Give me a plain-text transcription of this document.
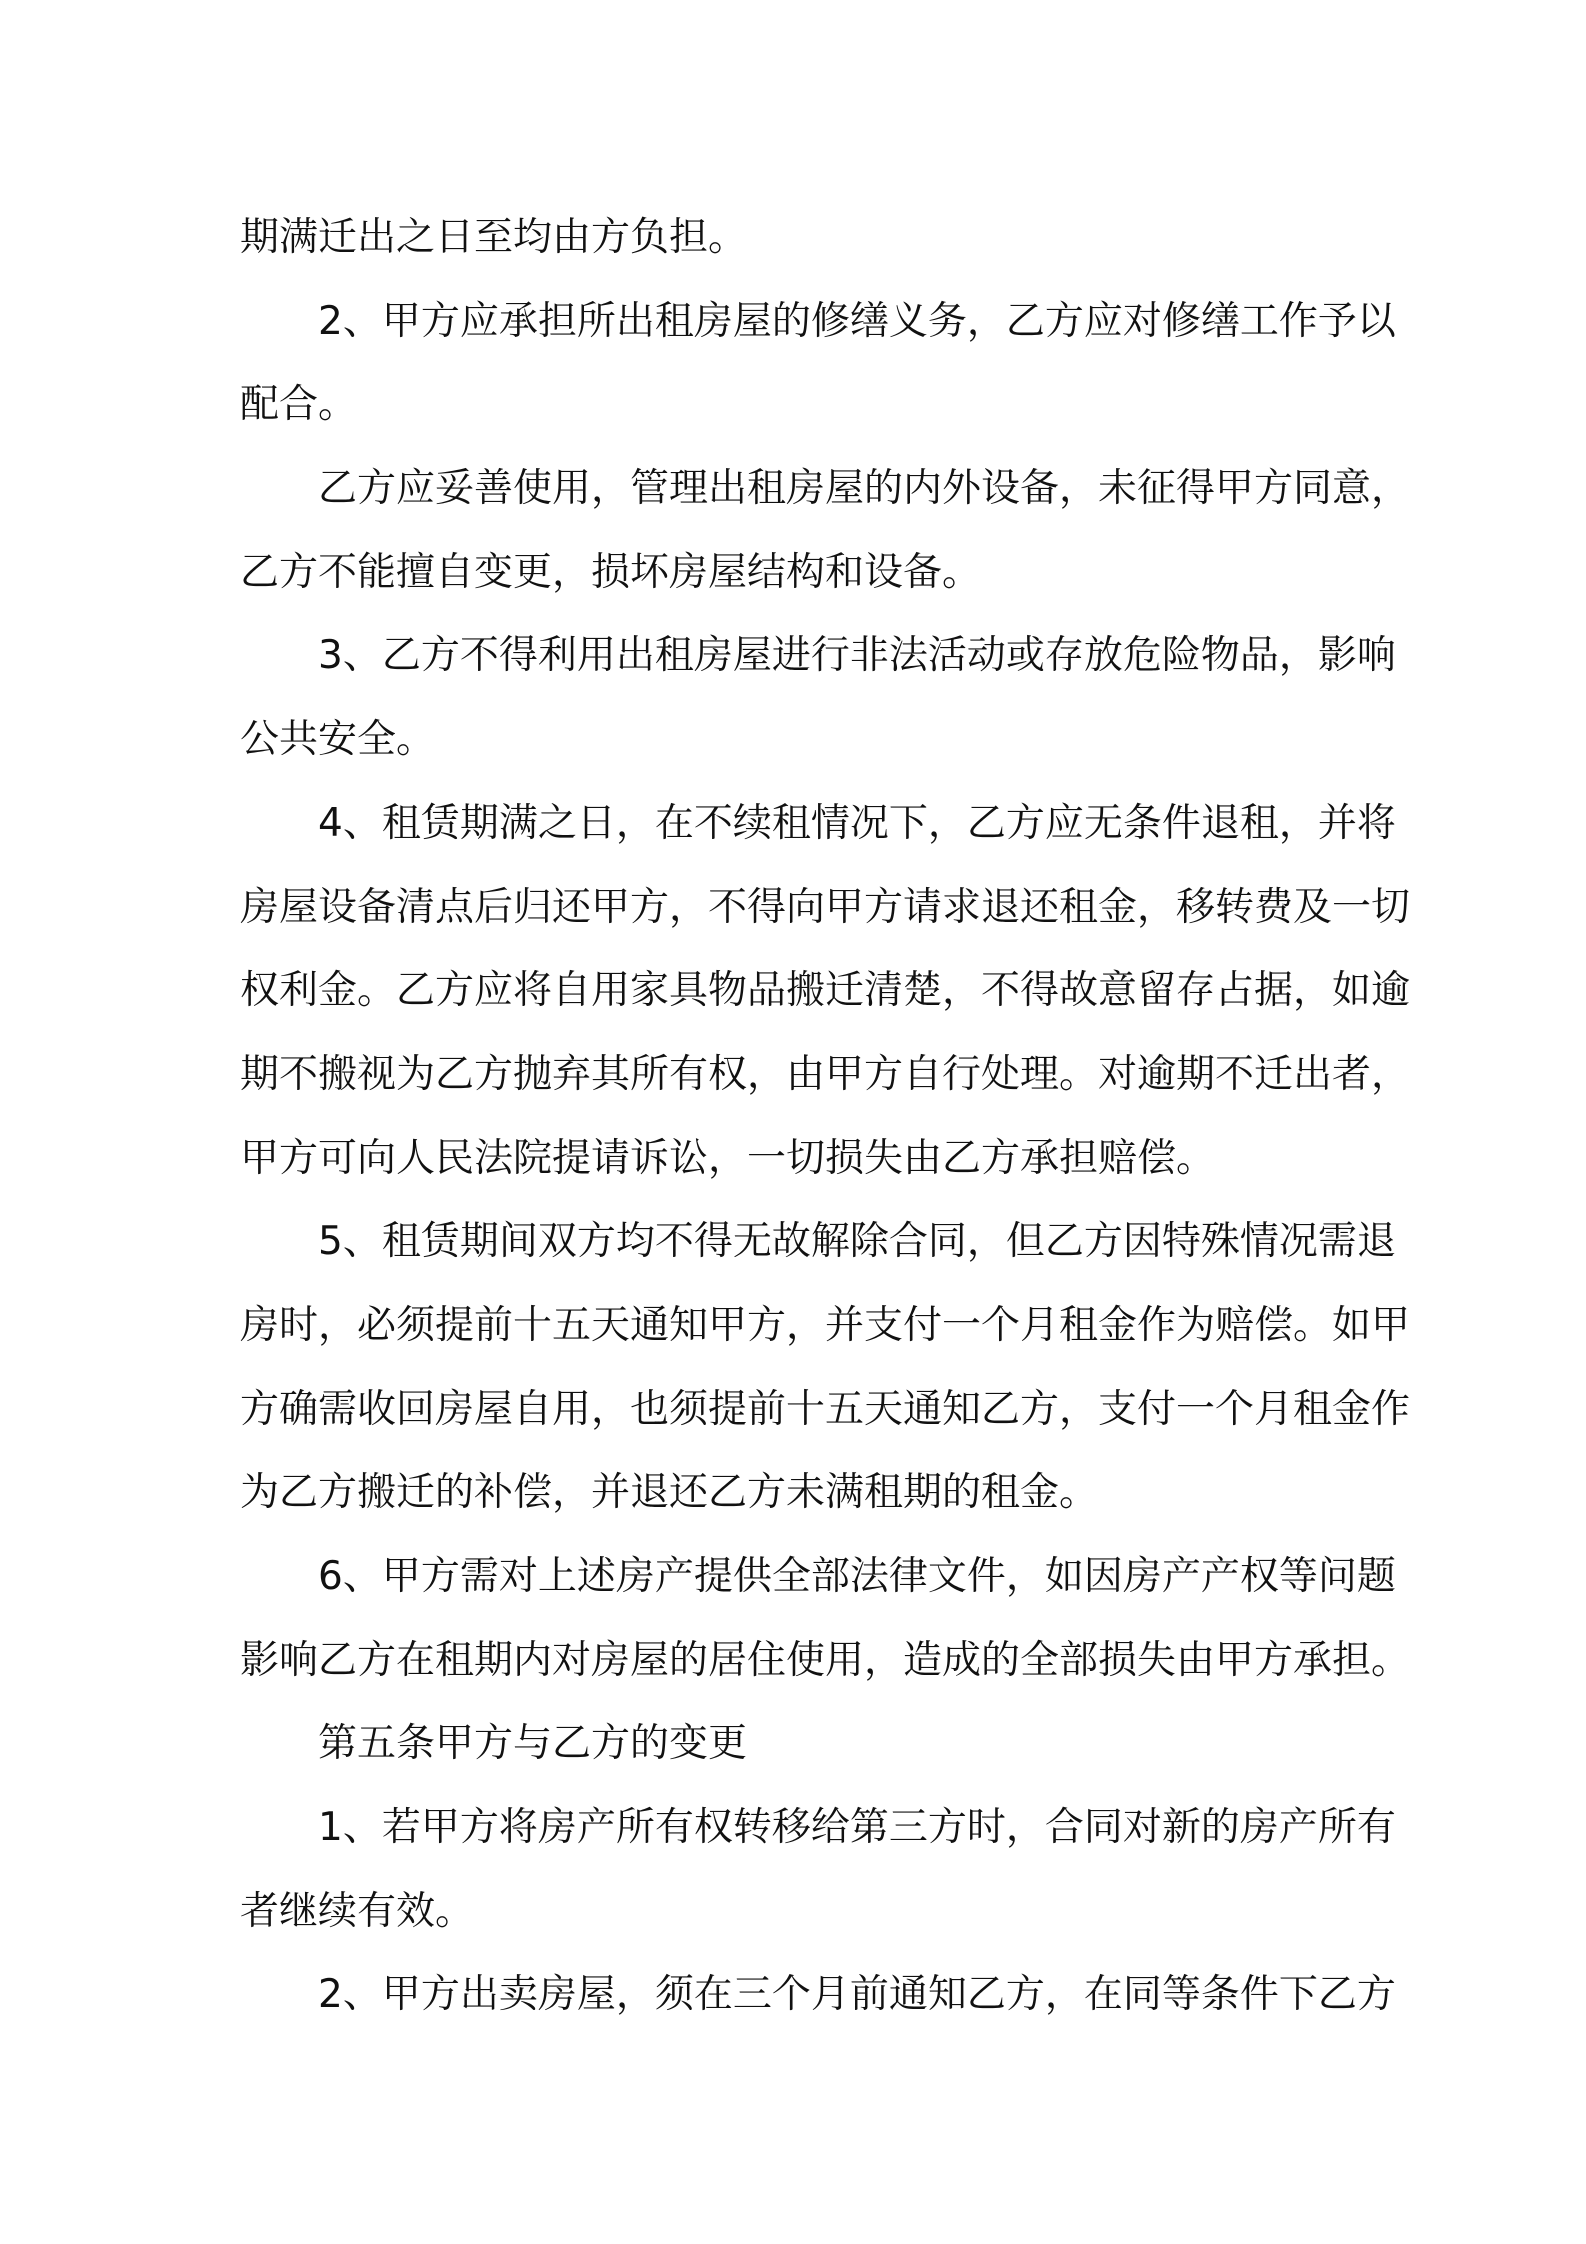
期满迁出之日至均由方负担。
2、甲方应承担所出租房屋的修缮义务，乙方应对修缮工作予以
配合。
乙方应妥善使用，管理出租房屋的内外设备，未征得甲方同意，
乙方不能擅自变更，损坏房屋结构和设备。
3、乙方不得利用出租房屋进行非法活动或存放危险物品，影响
公共安全。
4、租赁期满之日，在不续租情况下，乙方应无条件退租，并将
房屋设备清点后归还甲方，不得向甲方请求退还租金，移转费及一切
权利金。乙方应将自用家具物品搬迁清楚，不得故意留存占据，如逾
期不搬视为乙方抛弃其所有权，由甲方自行处理。对逾期不迁出者，
甲方可向人民法院提请诉讼，一切损失由乙方承担赔偿。
5、租赁期间双方均不得无故解除合同，但乙方因特殊情况需退
房时，必须提前十五天通知甲方，并支付一个月租金作为赔偿。如甲
方确需收回房屋自用，也须提前十五天通知乙方，支付一个月租金作
为乙方搬迁的补偿，并退还乙方未满租期的租金。
6、甲方需对上述房产提供全部法律文件，如因房产产权等问题
影响乙方在租期内对房屋的居住使用，造成的全部损失由甲方承担。
第五条甲方与乙方的变更
1、若甲方将房产所有权转移给第三方时，合同对新的房产所有
者继续有效。
2、甲方出卖房屋，须在三个月前通知乙方，在同等条件下乙方
